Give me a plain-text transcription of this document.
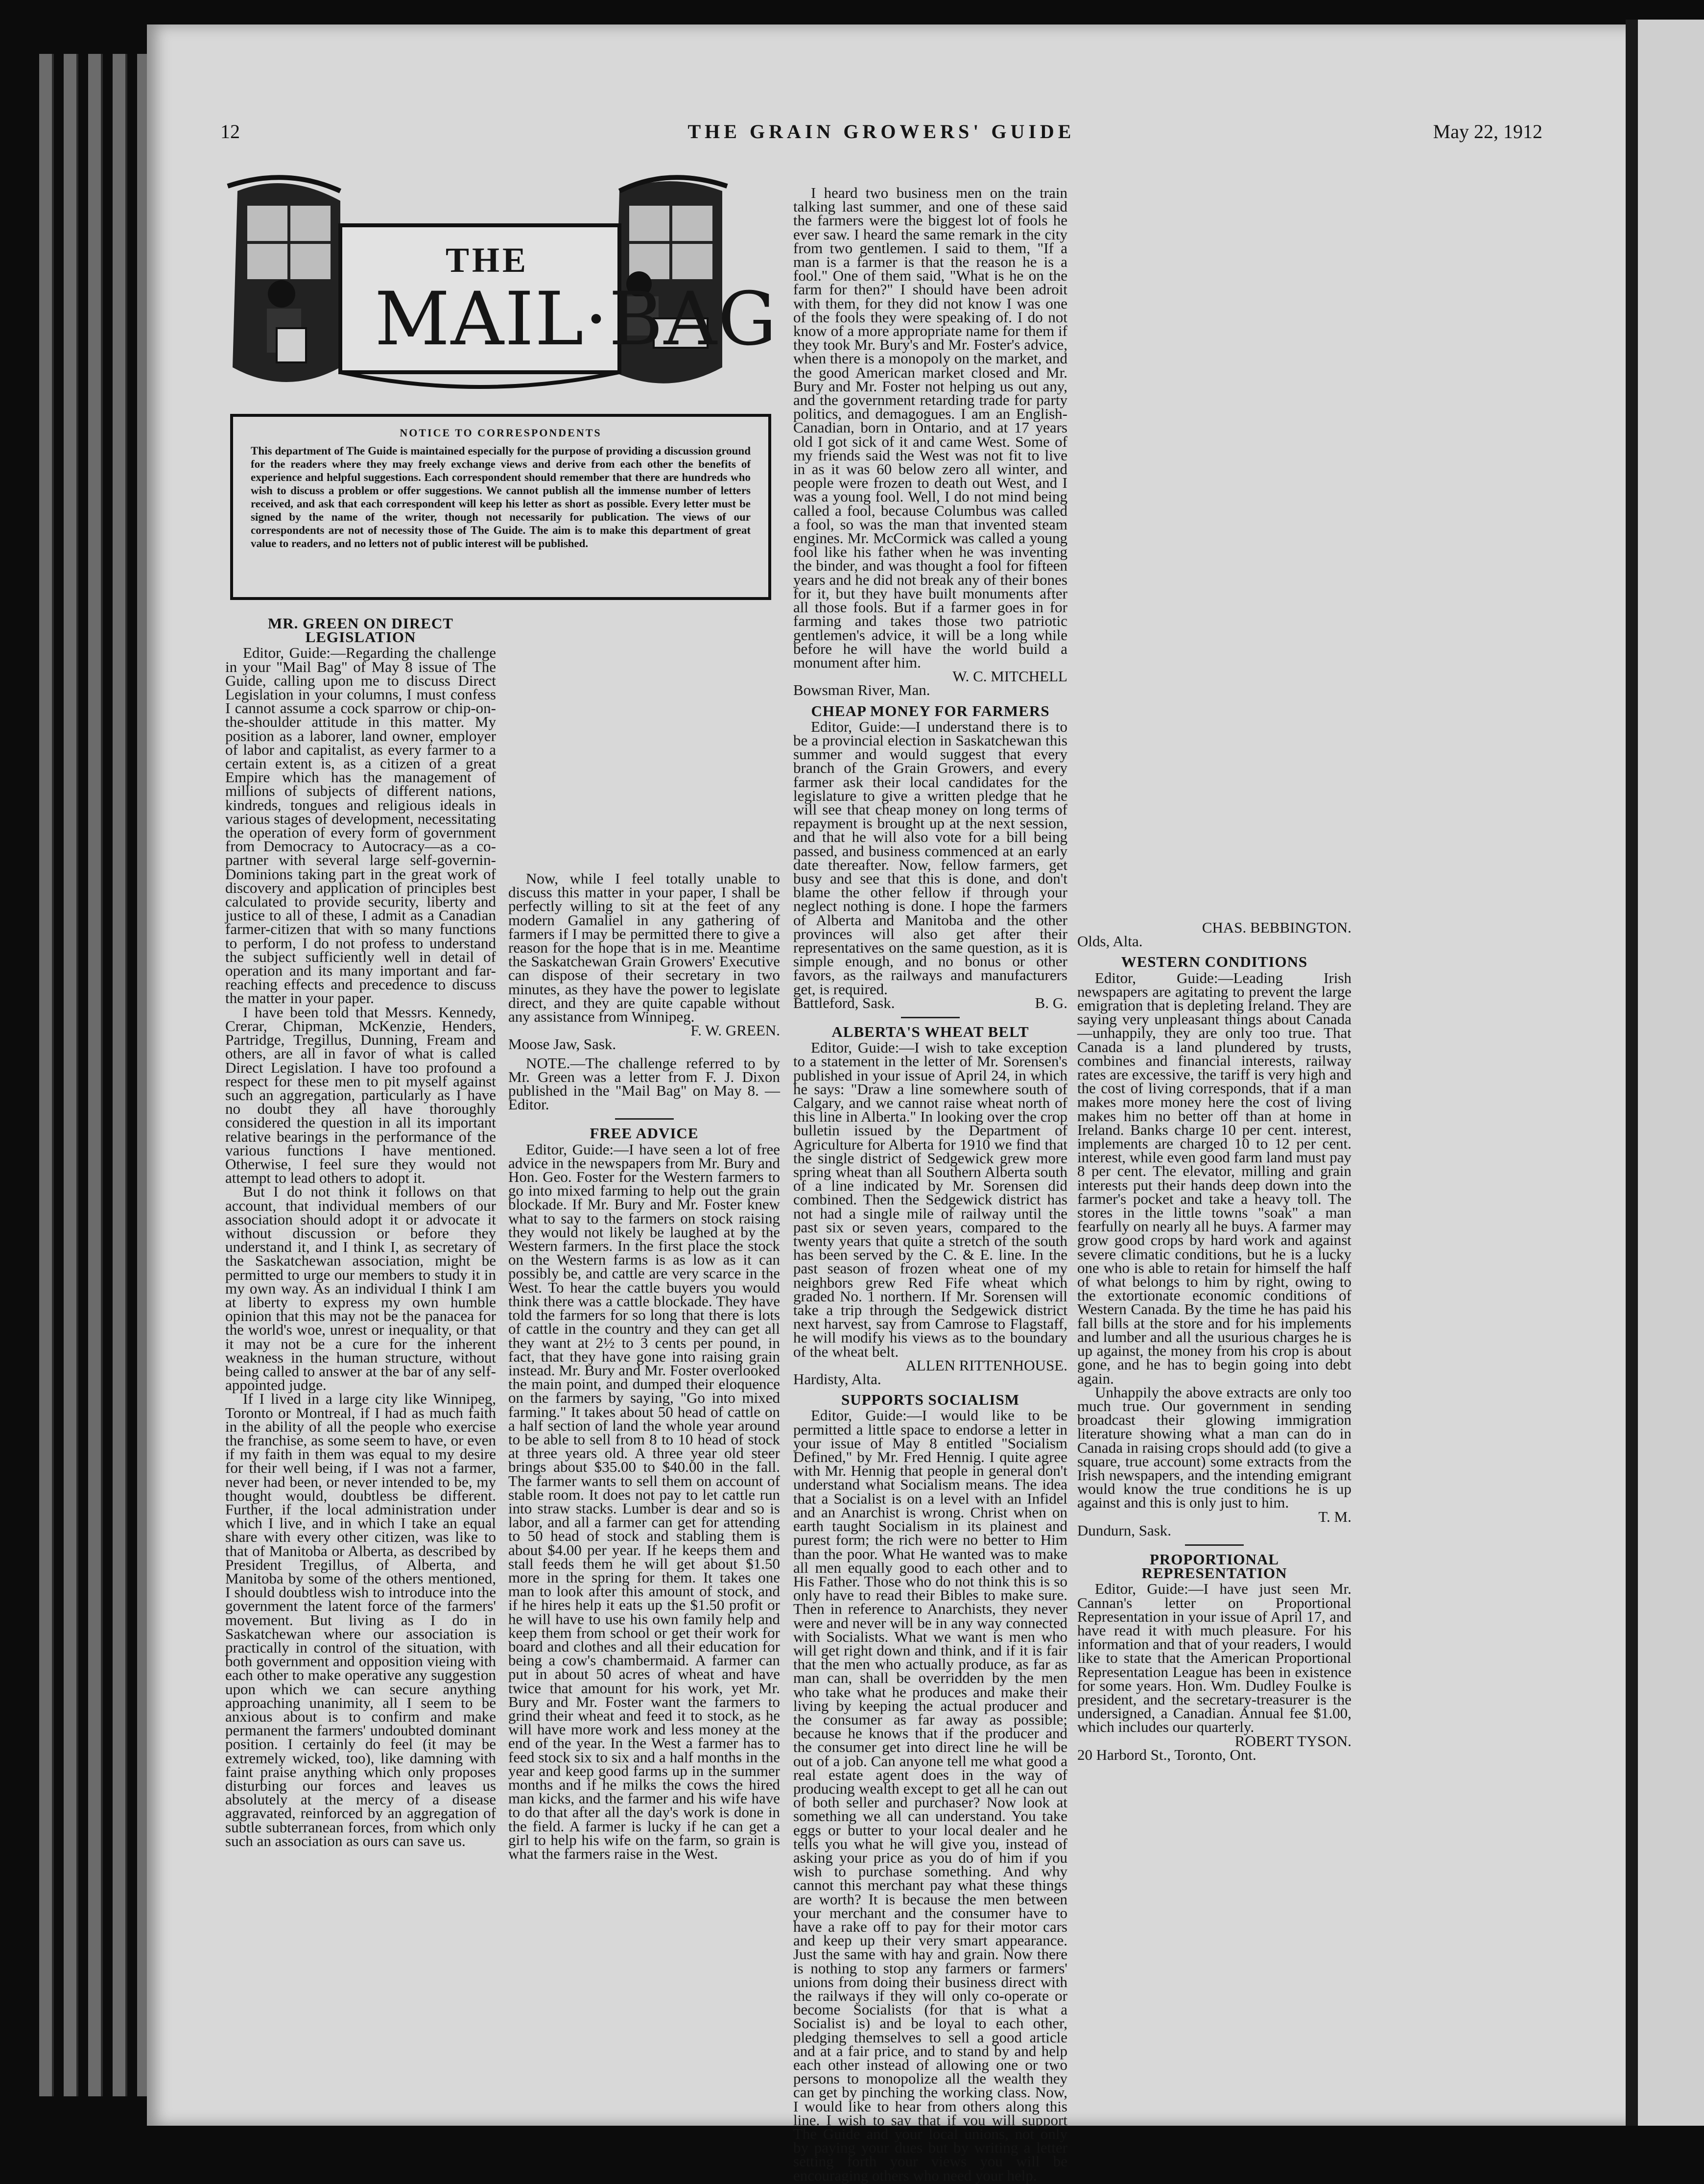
12	THE GRAIN GROWERS' GUIDE	May 22, 1912
THE
MAIL·BAG
NOTICE TO CORRESPONDENTS
This department of The Guide is maintained especially for the purpose of providing a discussion ground for the readers where they may freely exchange views and derive from each other the benefits of experience and helpful suggestions. Each correspondent should remember that there are hundreds who wish to discuss a problem or offer suggestions. We cannot publish all the immense number of letters received, and ask that each correspondent will keep his letter as short as possible. Every letter must be signed by the name of the writer, though not necessarily for publication. The views of our correspondents are not of necessity those of The Guide. The aim is to make this department of great value to readers, and no letters not of public interest will be published.

MR. GREEN ON DIRECT LEGISLATION

Editor, Guide:—Regarding the challenge in your "Mail Bag" of May 8 issue of The Guide, calling upon me to discuss Direct Legislation in your columns, I must confess I cannot assume a cock sparrow or chip-on-the-shoulder attitude in this matter. My position as a laborer, land owner, employer of labor and capitalist, as every farmer to a certain extent is, as a citizen of a great Empire which has the management of millions of subjects of different nations, kindreds, tongues and religious ideals in various stages of development, necessitating the operation of every form of government from Democracy to Autocracy—as a co-partner with several large self-governin- Dominions taking part in the great work of discovery and application of principles best calculated to provide security, liberty and justice to all of these, I admit as a Canadian farmer-citizen that with so many functions to perform, I do not profess to understand the subject sufficiently well in detail of operation and its many important and far-reaching effects and precedence to discuss the matter in your paper.

I have been told that Messrs. Kennedy, Crerar, Chipman, McKenzie, Henders, Partridge, Tregillus, Dunning, Fream and others, are all in favor of what is called Direct Legislation. I have too profound a respect for these men to pit myself against such an aggregation, particularly as I have no doubt they all have thoroughly considered the question in all its important relative bearings in the performance of the various functions I have mentioned. Otherwise, I feel sure they would not attempt to lead others to adopt it.

But I do not think it follows on that account, that individual members of our association should adopt it or advocate it without discussion or before they understand it, and I think I, as secretary of the Saskatchewan association, might be permitted to urge our members to study it in my own way. As an individual I think I am at liberty to express my own humble opinion that this may not be the panacea for the world's woe, unrest or inequality, or that it may not be a cure for the inherent weakness in the human structure, without being called to answer at the bar of any self-appointed judge.

If I lived in a large city like Winnipeg, Toronto or Montreal, if I had as much faith in the ability of all the people who exercise the franchise, as some seem to have, or even if my faith in them was equal to my desire for their well being, if I was not a farmer, never had been, or never intended to be, my thought would, doubtless be different. Further, if the local administration under which I live, and in which I take an equal share with every other citizen, was like to that of Manitoba or Alberta, as described by President Tregillus, of Alberta, and Manitoba by some of the others mentioned, I should doubtless wish to introduce into the government the latent force of the farmers' movement. But living as I do in Saskatchewan where our association is practically in control of the situation, with both government and opposition vieing with each other to make operative any suggestion upon which we can secure anything approaching unanimity, all I seem to be anxious about is to confirm and make permanent the farmers' undoubted dominant position. I certainly do feel (it may be extremely wicked, too), like damning with faint praise anything which only proposes disturbing our forces and leaves us absolutely at the mercy of a disease aggravated, reinforced by an aggregation of subtle subterranean forces, from which only such an association as ours can save us.

Now, while I feel totally unable to discuss this matter in your paper, I shall be perfectly willing to sit at the feet of any modern Gamaliel in any gathering of farmers if I may be permitted there to give a reason for the hope that is in me. Meantime the Saskatchewan Grain Growers' Executive can dispose of their secretary in two minutes, as they have the power to legislate direct, and they are quite capable without any assistance from Winnipeg.

F. W. GREEN.

Moose Jaw, Sask.

NOTE.—The challenge referred to by Mr. Green was a letter from F. J. Dixon published in the "Mail Bag" on May 8. —Editor.

FREE ADVICE

Editor, Guide:—I have seen a lot of free advice in the newspapers from Mr. Bury and Hon. Geo. Foster for the Western farmers to go into mixed farming to help out the grain blockade. If Mr. Bury and Mr. Foster knew what to say to the farmers on stock raising they would not likely be laughed at by the Western farmers. In the first place the stock on the Western farms is as low as it can possibly be, and cattle are very scarce in the West. To hear the cattle buyers you would think there was a cattle blockade. They have told the farmers for so long that there is lots of cattle in the country and they can get all they want at 2½ to 3 cents per pound, in fact, that they have gone into raising grain instead. Mr. Bury and Mr. Foster overlooked the main point, and dumped their eloquence on the farmers by saying, "Go into mixed farming." It takes about 50 head of cattle on a half section of land the whole year around to be able to sell from 8 to 10 head of stock at three years old. A three year old steer brings about $35.00 to $40.00 in the fall. The farmer wants to sell them on account of stable room. It does not pay to let cattle run into straw stacks. Lumber is dear and so is labor, and all a farmer can get for attending to 50 head of stock and stabling them is about $4.00 per year. If he keeps them and stall feeds them he will get about $1.50 more in the spring for them. It takes one man to look after this amount of stock, and if he hires help it eats up the $1.50 profit or he will have to use his own family help and keep them from school or get their work for board and clothes and all their education for being a cow's chambermaid. A farmer can put in about 50 acres of wheat and have twice that amount for his work, yet Mr. Bury and Mr. Foster want the farmers to grind their wheat and feed it to stock, as he will have more work and less money at the end of the year. In the West a farmer has to feed stock six to six and a half months in the year and keep good farms up in the summer months and if he milks the cows the hired man kicks, and the farmer and his wife have to do that after all the day's work is done in the field. A farmer is lucky if he can get a girl to help his wife on the farm, so grain is what the farmers raise in the West.

I heard two business men on the train talking last summer, and one of these said the farmers were the biggest lot of fools he ever saw. I heard the same remark in the city from two gentlemen. I said to them, "If a man is a farmer is that the reason he is a fool." One of them said, "What is he on the farm for then?" I should have been adroit with them, for they did not know I was one of the fools they were speaking of. I do not know of a more appropriate name for them if they took Mr. Bury's and Mr. Foster's advice, when there is a monopoly on the market, and the good American market closed and Mr. Bury and Mr. Foster not helping us out any, and the government retarding trade for party politics, and demagogues. I am an English-Canadian, born in Ontario, and at 17 years old I got sick of it and came West. Some of my friends said the West was not fit to live in as it was 60 below zero all winter, and people were frozen to death out West, and I was a young fool. Well, I do not mind being called a fool, because Columbus was called a fool, so was the man that invented steam engines. Mr. McCormick was called a young fool like his father when he was inventing the binder, and was thought a fool for fifteen years and he did not break any of their bones for it, but they have built monuments after all those fools. But if a farmer goes in for farming and takes those two patriotic gentlemen's advice, it will be a long while before he will have the world build a monument after him.

W. C. MITCHELL

Bowsman River, Man.

CHEAP MONEY FOR FARMERS

Editor, Guide:—I understand there is to be a provincial election in Saskatchewan this summer and would suggest that every branch of the Grain Growers, and every farmer ask their local candidates for the legislature to give a written pledge that he will see that cheap money on long terms of repayment is brought up at the next session, and that he will also vote for a bill being passed, and business commenced at an early date thereafter. Now, fellow farmers, get busy and see that this is done, and don't blame the other fellow if through your neglect nothing is done. I hope the farmers of Alberta and Manitoba and the other provinces will also get after their representatives on the same question, as it is simple enough, and no bonus or other favors, as the railways and manufacturers get, is required.

Battleford, Sask.	B. G.

ALBERTA'S WHEAT BELT

Editor, Guide:—I wish to take exception to a statement in the letter of Mr. Sorensen's published in your issue of April 24, in which he says: "Draw a line somewhere south of Calgary, and we cannot raise wheat north of this line in Alberta." In looking over the crop bulletin issued by the Department of Agriculture for Alberta for 1910 we find that the single district of Sedgewick grew more spring wheat than all Southern Alberta south of a line indicated by Mr. Sorensen did combined. Then the Sedgewick district has not had a single mile of railway until the past six or seven years, compared to the twenty years that quite a stretch of the south has been served by the C. & E. line. In the past season of frozen wheat one of my neighbors grew Red Fife wheat which graded No. 1 northern. If Mr. Sorensen will take a trip through the Sedgewick district next harvest, say from Camrose to Flagstaff, he will modify his views as to the boundary of the wheat belt.

ALLEN RITTENHOUSE.

Hardisty, Alta.

SUPPORTS SOCIALISM

Editor, Guide:—I would like to be permitted a little space to endorse a letter in your issue of May 8 entitled "Socialism Defined," by Mr. Fred Hennig. I quite agree with Mr. Hennig that people in general don't understand what Socialism means. The idea that a Socialist is on a level with an Infidel and an Anarchist is wrong. Christ when on earth taught Socialism in its plainest and purest form; the rich were no better to Him than the poor. What He wanted was to make all men equally good to each other and to His Father. Those who do not think this is so only have to read their Bibles to make sure. Then in reference to Anarchists, they never were and never will be in any way connected with Socialists. What we want is men who will get right down and think, and if it is fair that the men who actually produce, as far as man can, shall be overridden by the men who take what he produces and make their living by keeping the actual producer and the consumer as far away as possible; because he knows that if the producer and the consumer get into direct line he will be out of a job. Can anyone tell me what good a real estate agent does in the way of producing wealth except to get all he can out of both seller and purchaser? Now look at something we all can understand. You take eggs or butter to your local dealer and he tells you what he will give you, instead of asking your price as you do of him if you wish to purchase something. And why cannot this merchant pay what these things are worth? It is because the men between your merchant and the consumer have to have a rake off to pay for their motor cars and keep up their very smart appearance. Just the same with hay and grain. Now there is nothing to stop any farmers or farmers' unions from doing their business direct with the railways if they will only co-operate or become Socialists (for that is what a Socialist is) and be loyal to each other, pledging themselves to sell a good article and at a fair price, and to stand by and help each other instead of allowing one or two persons to monopolize all the wealth they can get by pinching the working class. Now, I would like to hear from others along this line. I wish to say that if you will support The Guide and your local unions, not only by paying your dues but by writing a letter setting forth your views you will be encouraging others who need your help.

CHAS. BEBBINGTON.

Olds, Alta.

WESTERN CONDITIONS

Editor, Guide:—Leading Irish newspapers are agitating to prevent the large emigration that is depleting Ireland. They are saying very unpleasant things about Canada—unhappily, they are only too true. That Canada is a land plundered by trusts, combines and financial interests, railway rates are excessive, the tariff is very high and the cost of living corresponds, that if a man makes more money here the cost of living makes him no better off than at home in Ireland. Banks charge 10 per cent. interest, implements are charged 10 to 12 per cent. interest, while even good farm land must pay 8 per cent. The elevator, milling and grain interests put their hands deep down into the farmer's pocket and take a heavy toll. The stores in the little towns "soak" a man fearfully on nearly all he buys. A farmer may grow good crops by hard work and against severe climatic conditions, but he is a lucky one who is able to retain for himself the half of what belongs to him by right, owing to the extortionate economic conditions of Western Canada. By the time he has paid his fall bills at the store and for his implements and lumber and all the usurious charges he is up against, the money from his crop is about gone, and he has to begin going into debt again.

Unhappily the above extracts are only too much true. Our government in sending broadcast their glowing immigration literature showing what a man can do in Canada in raising crops should add (to give a square, true account) some extracts from the Irish newspapers, and the intending emigrant would know the true conditions he is up against and this is only just to him.

T. M.

Dundurn, Sask.

PROPORTIONAL REPRESENTATION

Editor, Guide:—I have just seen Mr. Cannan's letter on Proportional Representation in your issue of April 17, and have read it with much pleasure. For his information and that of your readers, I would like to state that the American Proportional Representation League has been in existence for some years. Hon. Wm. Dudley Foulke is president, and the secretary-treasurer is the undersigned, a Canadian. Annual fee $1.00, which includes our quarterly.

ROBERT TYSON.

20 Harbord St., Toronto, Ont.
